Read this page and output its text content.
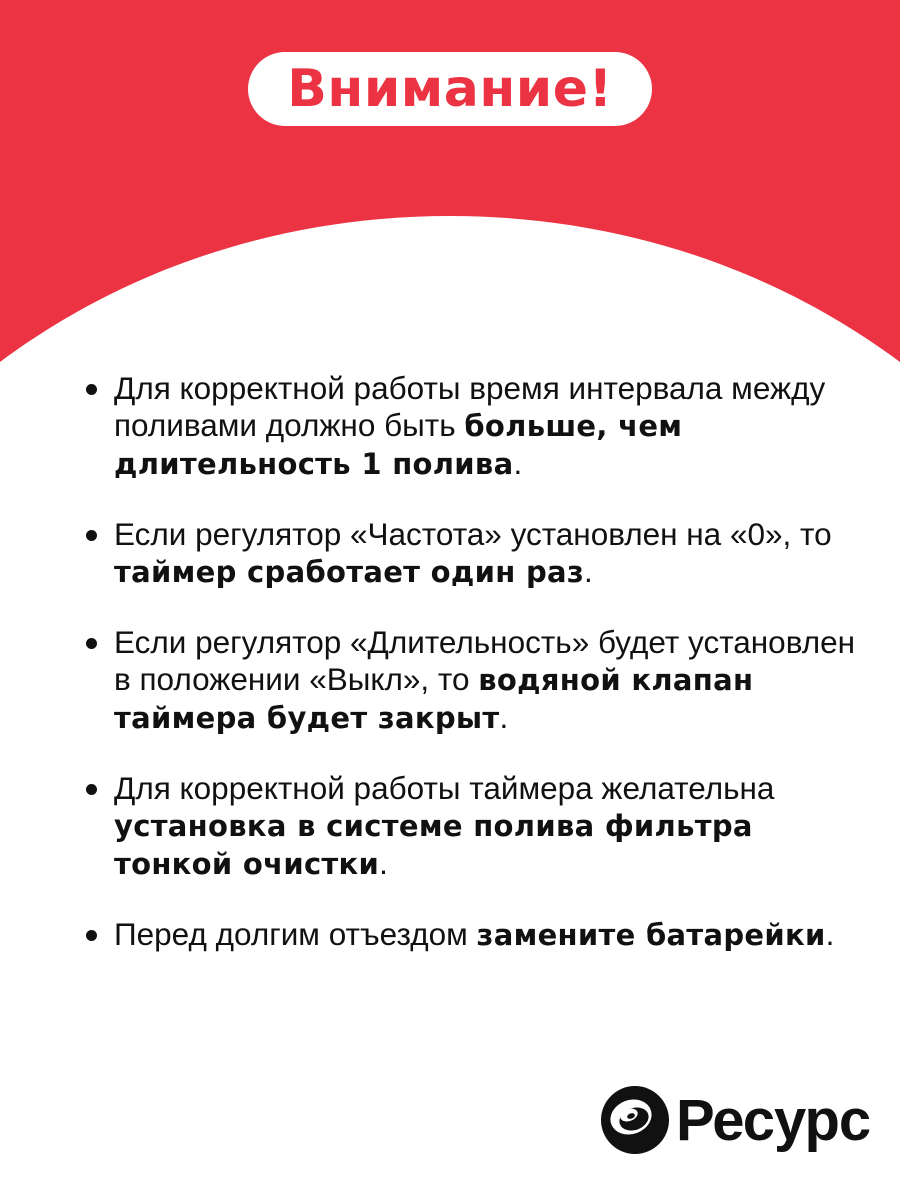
Внимание!
Для корректной работы время интервала между поливами должно быть больше, чем длительность 1 полива.
Если регулятор «Частота» установлен на «0», то таймер сработает один раз.
Если регулятор «Длительность» будет установлен в положении «Выкл», то водяной клапан таймера будет закрыт.
Для корректной работы таймера желательна установка в системе полива фильтра тонкой очистки.
Перед долгим отъездом замените батарейки.
Ресурс
